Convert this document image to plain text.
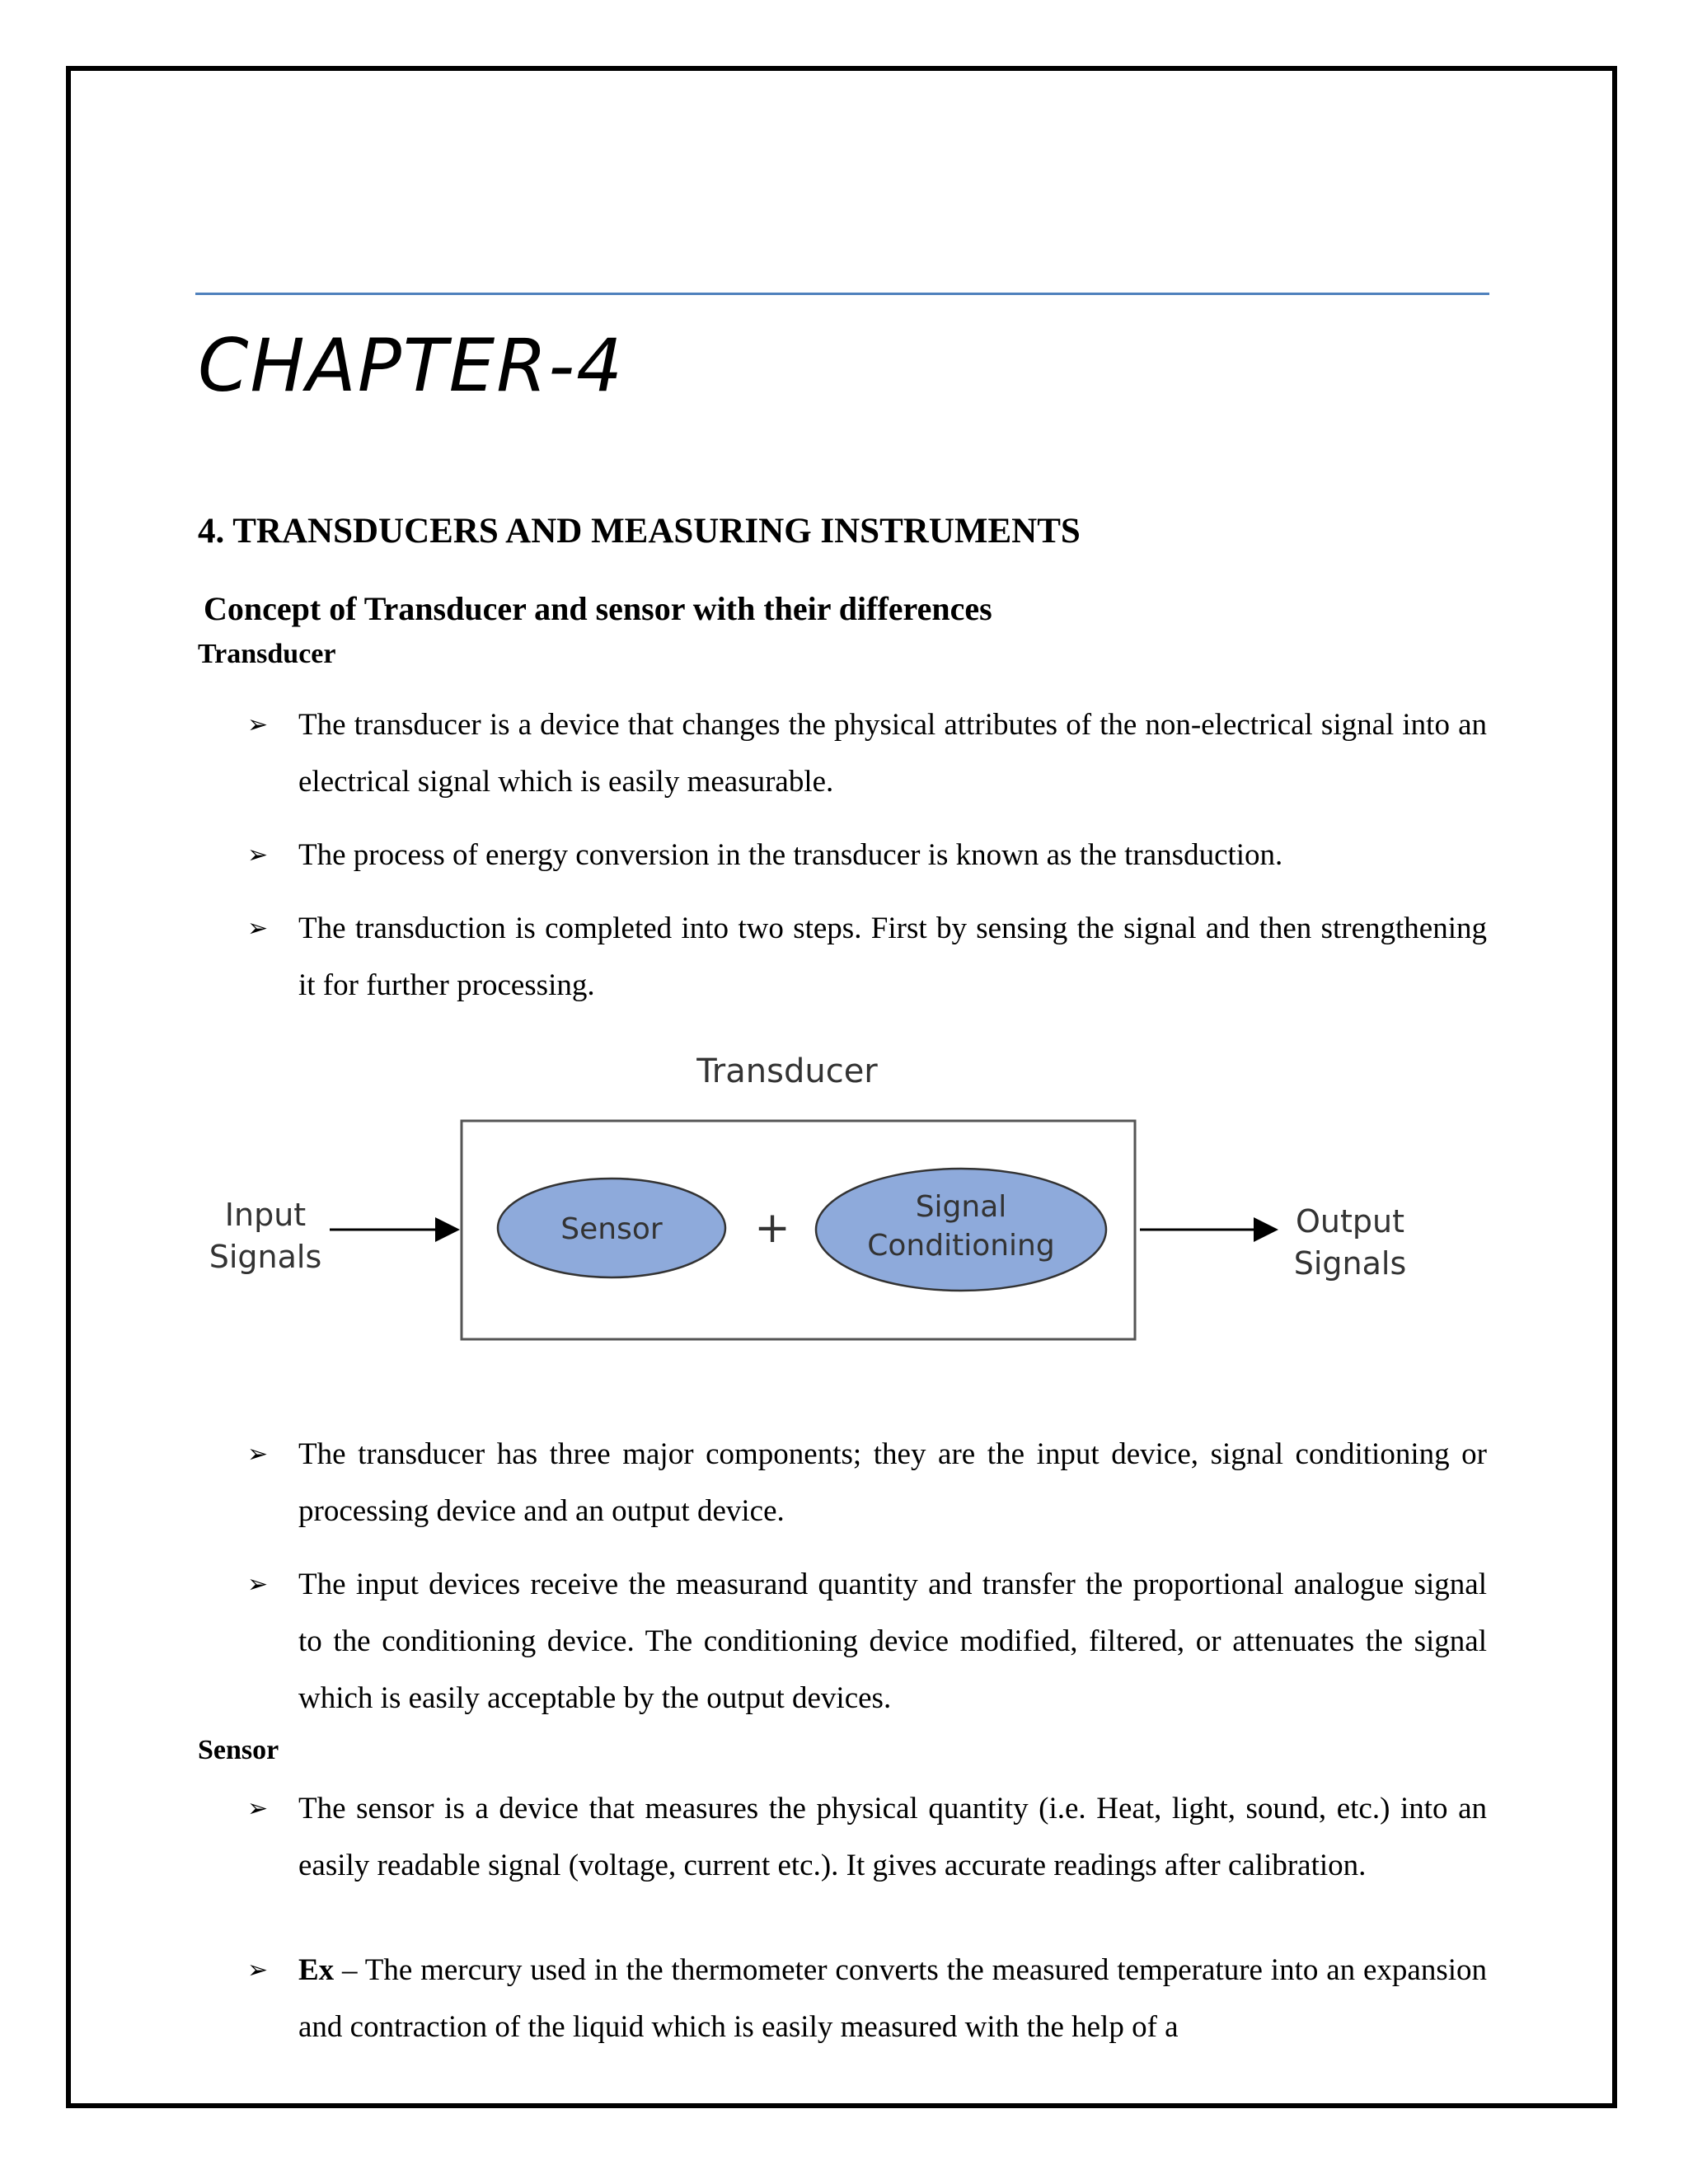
CHAPTER-4
4. TRANSDUCERS AND MEASURING INSTRUMENTS
Concept of Transducer and sensor with their differences
Transducer
➢ The transducer is a device that changes the physical attributes of the non-electrical signal into an electrical signal which is easily measurable.
➢ The process of energy conversion in the transducer is known as the transduction.
➢ The transduction is completed into two steps. First by sensing the signal and then strengthening it for further processing.
Transducer
Input
Signals
Sensor +	Signal
Conditioning
Output
Signals
➢ The transducer has three major components; they are the input device, signal conditioning or processing device and an output device.
➢ The input devices receive the measurand quantity and transfer the proportional analogue signal to the conditioning device. The conditioning device modified, filtered, or attenuates the signal which is easily acceptable by the output devices.
Sensor
➢ The sensor is a device that measures the physical quantity (i.e. Heat, light, sound, etc.) into an easily readable signal (voltage, current etc.). It gives accurate readings after calibration.
➢ Ex – The mercury used in the thermometer converts the measured temperature into an expansion and contraction of the liquid which is easily measured with the help of a
